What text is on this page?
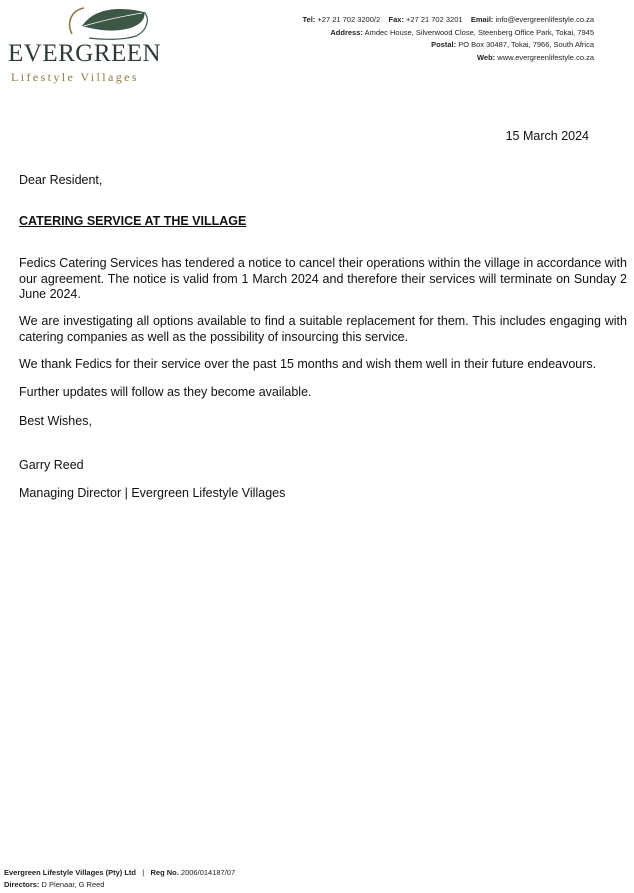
EVERGREEN
Lifestyle Villages
Tel: +27 21 702 3200/2 Fax: +27 21 702 3201 Email: info@evergreenlifestyle.co.za
Address: Amdec House, Silverwood Close, Steenberg Office Park, Tokai, 7945
Postal: PO Box 30487, Tokai, 7966, South Africa
Web: www.evergreenlifestyle.co.za
15 March 2024
Dear Resident,
CATERING SERVICE AT THE VILLAGE

Fedics Catering Services has tendered a notice to cancel their operations within the village in accordance with our agreement. The notice is valid from 1 March 2024 and therefore their services will terminate on Sunday 2 June 2024.

We are investigating all options available to find a suitable replacement for them. This includes engaging with catering companies as well as the possibility of insourcing this service.

We thank Fedics for their service over the past 15 months and wish them well in their future endeavours.

Further updates will follow as they become available.

Best Wishes,
Garry Reed
Managing Director | Evergreen Lifestyle Villages
Evergreen Lifestyle Villages (Pty) Ltd | Reg No. 2006/014187/07
Directors: D Pienaar, G Reed
